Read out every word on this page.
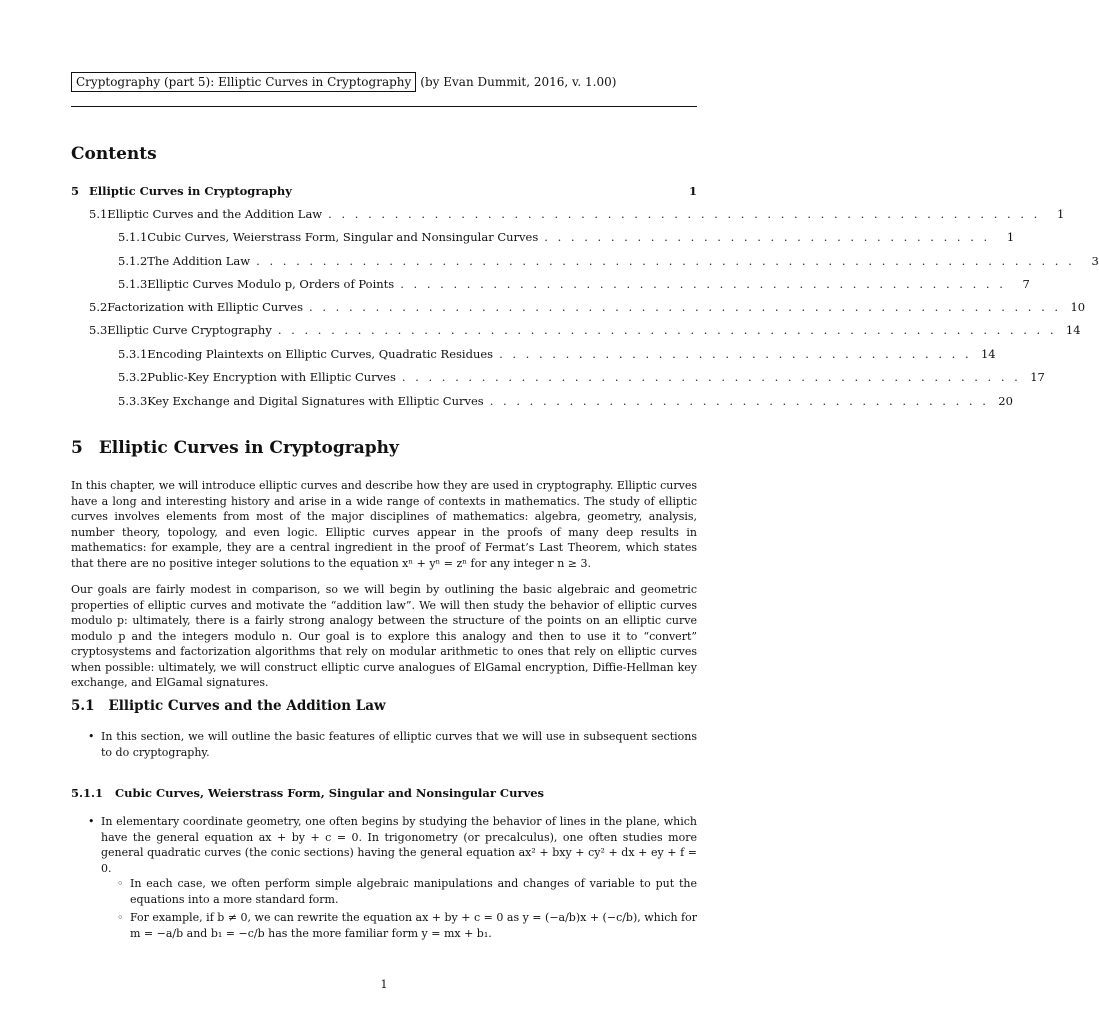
Cryptography (part 5): Elliptic Curves in Cryptography (by Evan Dummit, 2016, v. 1.00)
Contents
5 Elliptic Curves in Cryptography	1
5.1 Elliptic Curves and the Addition Law . . . . . . . . . . . . . . . . . . . . . . . . . . . . . . . . . . . . . . . . . . . . . . . . . . . . . .	1
5.1.1 Cubic Curves, Weierstrass Form, Singular and Nonsingular Curves . . . . . . . . . . . . . . . . . . . . . . . . . . . . . . . . . .	1
5.1.2 The Addition Law . . . . . . . . . . . . . . . . . . . . . . . . . . . . . . . . . . . . . . . . . . . . . . . . . . . . . . . . . . . . . .	3
5.1.3 Elliptic Curves Modulo p, Orders of Points . . . . . . . . . . . . . . . . . . . . . . . . . . . . . . . . . . . . . . . . . . . . . .	7
5.2 Factorization with Elliptic Curves . . . . . . . . . . . . . . . . . . . . . . . . . . . . . . . . . . . . . . . . . . . . . . . . . . . . . . . . . 10
5.3 Elliptic Curve Cryptography . . . . . . . . . . . . . . . . . . . . . . . . . . . . . . . . . . . . . . . . . . . . . . . . . . . . . . . . . . . 14
5.3.1 Encoding Plaintexts on Elliptic Curves, Quadratic Residues . . . . . . . . . . . . . . . . . . . . . . . . . . . . . . . . . . . . 14
5.3.2 Public-Key Encryption with Elliptic Curves . . . . . . . . . . . . . . . . . . . . . . . . . . . . . . . . . . . . . . . . . . . . . . . 17
5.3.3 Key Exchange and Digital Signatures with Elliptic Curves . . . . . . . . . . . . . . . . . . . . . . . . . . . . . . . . . . . . . . 20
5 Elliptic Curves in Cryptography
In this chapter, we will introduce elliptic curves and describe how they are used in cryptography. Elliptic curves have a long and interesting history and arise in a wide range of contexts in mathematics. The study of elliptic curves involves elements from most of the major disciplines of mathematics: algebra, geometry, analysis, number theory, topology, and even logic. Elliptic curves appear in the proofs of many deep results in mathematics: for example, they are a central ingredient in the proof of Fermat’s Last Theorem, which states that there are no positive integer solutions to the equation xⁿ + yⁿ = zⁿ for any integer n ≥ 3.
Our goals are fairly modest in comparison, so we will begin by outlining the basic algebraic and geometric properties of elliptic curves and motivate the “addition law”. We will then study the behavior of elliptic curves modulo p: ultimately, there is a fairly strong analogy between the structure of the points on an elliptic curve modulo p and the integers modulo n. Our goal is to explore this analogy and then to use it to “convert” cryptosystems and factorization algorithms that rely on modular arithmetic to ones that rely on elliptic curves when possible: ultimately, we will construct elliptic curve analogues of ElGamal encryption, Diffie-Hellman key exchange, and ElGamal signatures.
5.1 Elliptic Curves and the Addition Law
• In this section, we will outline the basic features of elliptic curves that we will use in subsequent sections to do cryptography.
5.1.1 Cubic Curves, Weierstrass Form, Singular and Nonsingular Curves
• In elementary coordinate geometry, one often begins by studying the behavior of lines in the plane, which have the general equation ax + by + c = 0. In trigonometry (or precalculus), one often studies more general quadratic curves (the conic sections) having the general equation ax² + bxy + cy² + dx + ey + f = 0.
◦ In each case, we often perform simple algebraic manipulations and changes of variable to put the equations into a more standard form.
◦ For example, if b ≠ 0, we can rewrite the equation ax + by + c = 0 as y = (−a/b)x + (−c/b), which for m = −a/b and b₁ = −c/b has the more familiar form y = mx + b₁.
1
